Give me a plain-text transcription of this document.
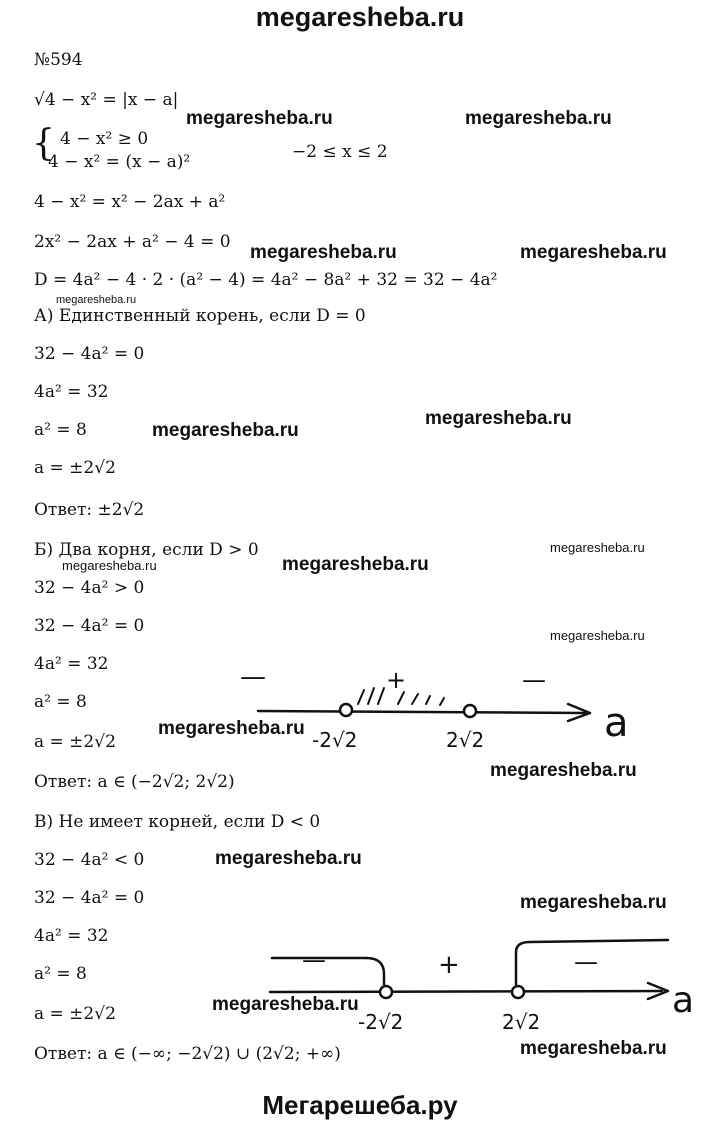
megaresheba.ru
№594
√4 − x² = |x − a|
{ 4 − x² ≥ 0
4 − x² = (x − a)²	−2 ≤ x ≤ 2
4 − x² = x² − 2ax + a²
2x² − 2ax + a² − 4 = 0
D = 4a² − 4 · 2 · (a² − 4) = 4a² − 8a² + 32 = 32 − 4a²
А) Единственный корень, если D = 0
32 − 4a² = 0
4a² = 32
a² = 8
a = ±2√2
Ответ: ±2√2
Б) Два корня, если D > 0
32 − 4a² > 0
32 − 4a² = 0
4a² = 32
a² = 8
a = ±2√2
Ответ: a ∈ (−2√2; 2√2)
В) Не имеет корней, если D < 0
32 − 4a² < 0
32 − 4a² = 0
4a² = 32
a² = 8
a = ±2√2
Ответ: a ∈ (−∞; −2√2) ∪ (2√2; +∞)
megaresheba.ru	megaresheba.ru
megaresheba.ru	megaresheba.ru
megaresheba.ru
megaresheba.ru
megaresheba.ru
megaresheba.ru
megaresheba.ru
megaresheba.ru
megaresheba.ru
megaresheba.ru
megaresheba.ru
megaresheba.ru
megaresheba.ru
megaresheba.ru
megaresheba.ru
—	+	—
-2√2	2√2	a
—	+	—
-2√2	2√2
a
Мегарешеба.ру
